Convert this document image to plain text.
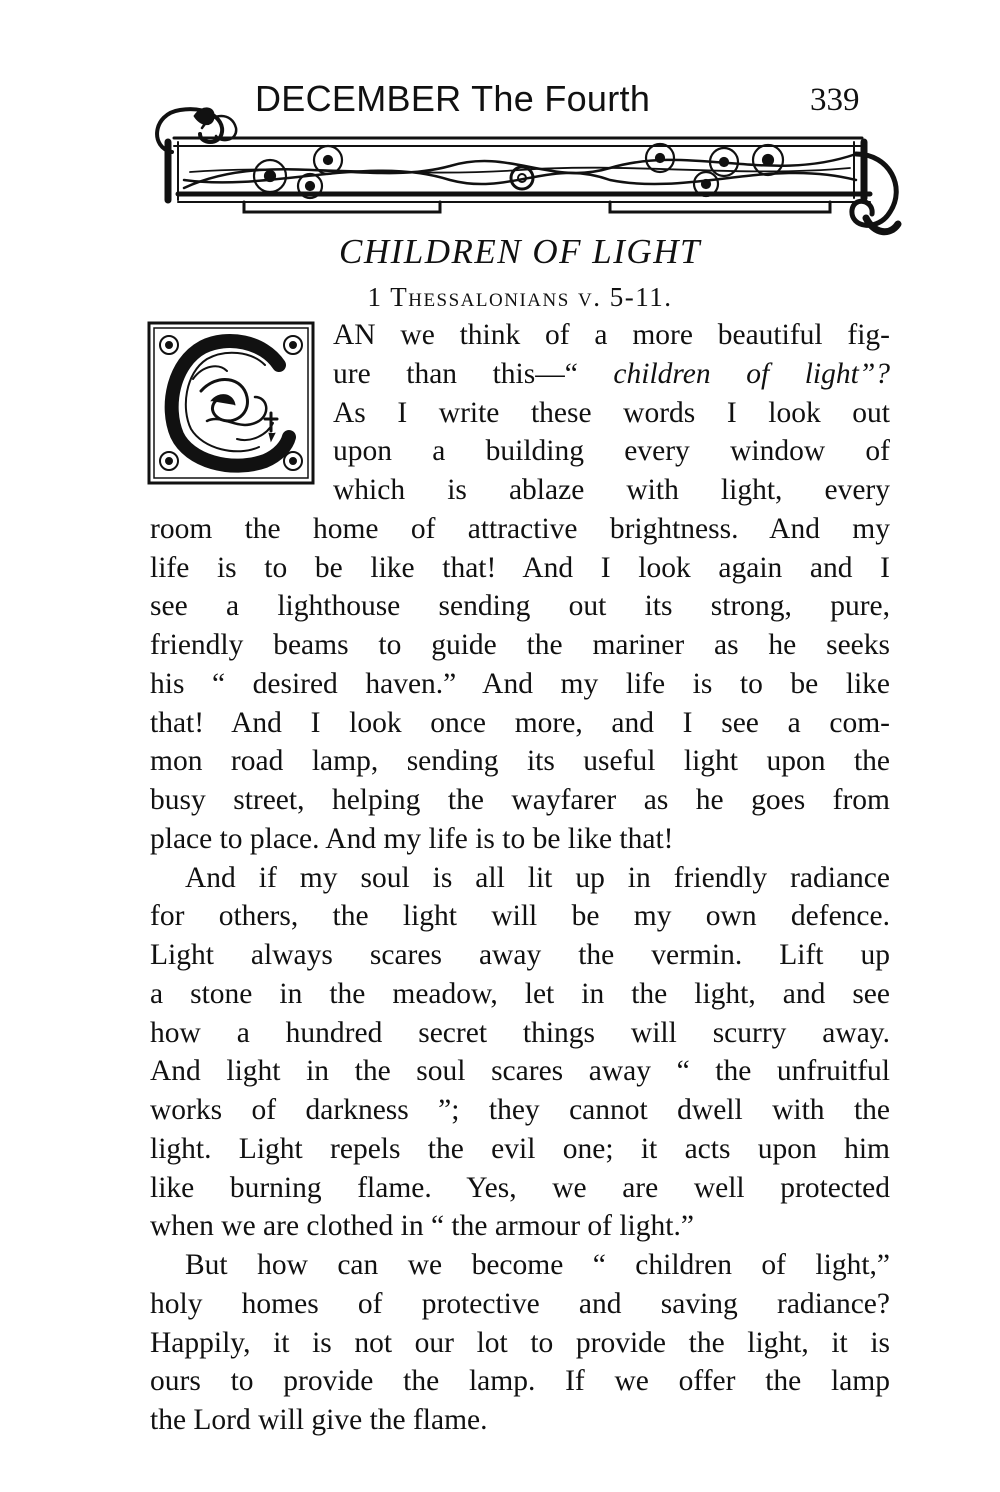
DECEMBER The Fourth	339
CHILDREN OF LIGHT
1 Thessalonians v. 5-11.
AN we think of a more beautiful fig-
ure than this—“ children of light”?
As I write these words I look out
upon a building every window of
which is ablaze with light, every
room the home of attractive brightness. And my
life is to be like that! And I look again and I
see a lighthouse sending out its strong, pure,
friendly beams to guide the mariner as he seeks
his “ desired haven.” And my life is to be like
that! And I look once more, and I see a com-
mon road lamp, sending its useful light upon the
busy street, helping the wayfarer as he goes from
place to place. And my life is to be like that!
And if my soul is all lit up in friendly radiance
for others, the light will be my own defence.
Light always scares away the vermin. Lift up
a stone in the meadow, let in the light, and see
how a hundred secret things will scurry away.
And light in the soul scares away “ the unfruitful
works of darkness ”; they cannot dwell with the
light. Light repels the evil one; it acts upon him
like burning flame. Yes, we are well protected
when we are clothed in “ the armour of light.”
But how can we become “ children of light,”
holy homes of protective and saving radiance?
Happily, it is not our lot to provide the light, it is
ours to provide the lamp. If we offer the lamp
the Lord will give the flame.
